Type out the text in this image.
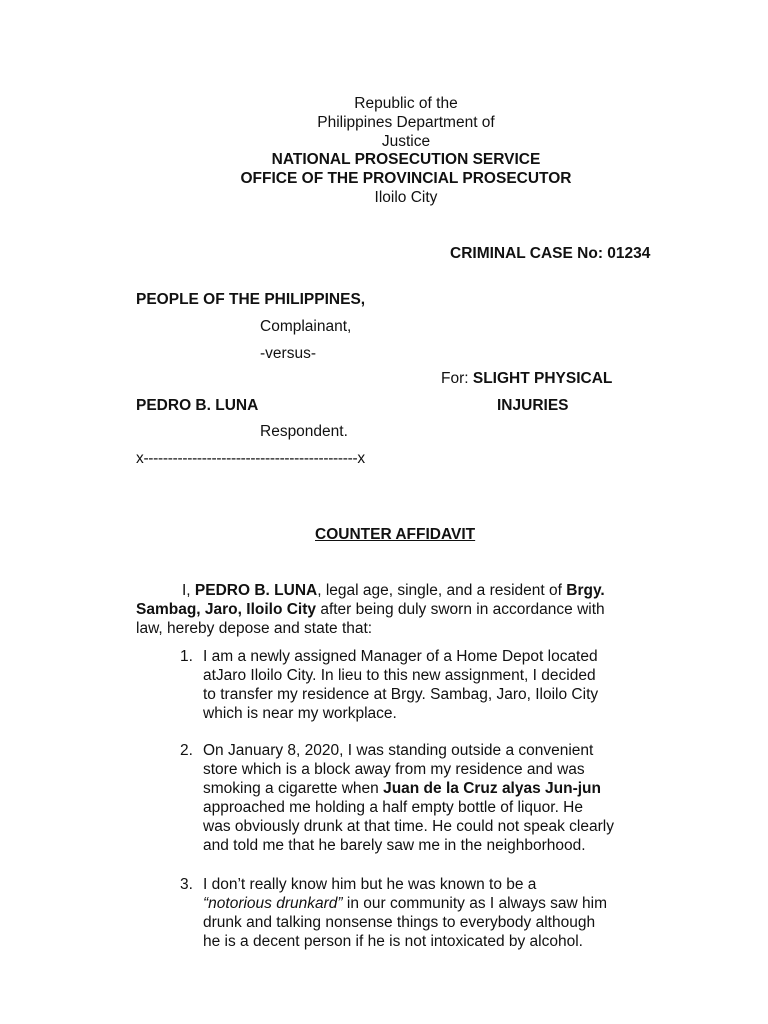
Republic of the
Philippines Department of
Justice
NATIONAL PROSECUTION SERVICE
OFFICE OF THE PROVINCIAL PROSECUTOR
Iloilo City
CRIMINAL CASE No: 01234
PEOPLE OF THE PHILIPPINES,
Complainant,
-versus-
For: SLIGHT PHYSICAL
PEDRO B. LUNA	INJURIES
Respondent.
x--------------------------------------------x
COUNTER AFFIDAVIT
I, PEDRO B. LUNA, legal age, single, and a resident of Brgy.
Sambag, Jaro, Iloilo City after being duly sworn in accordance with
law, hereby depose and state that:
1. I am a newly assigned Manager of a Home Depot located
atJaro Iloilo City. In lieu to this new assignment, I decided
to transfer my residence at Brgy. Sambag, Jaro, Iloilo City
which is near my workplace.
2. On January 8, 2020, I was standing outside a convenient
store which is a block away from my residence and was
smoking a cigarette when Juan de la Cruz alyas Jun-jun
approached me holding a half empty bottle of liquor. He
was obviously drunk at that time. He could not speak clearly
and told me that he barely saw me in the neighborhood.
3. I don’t really know him but he was known to be a
“notorious drunkard” in our community as I always saw him
drunk and talking nonsense things to everybody although
he is a decent person if he is not intoxicated by alcohol.
